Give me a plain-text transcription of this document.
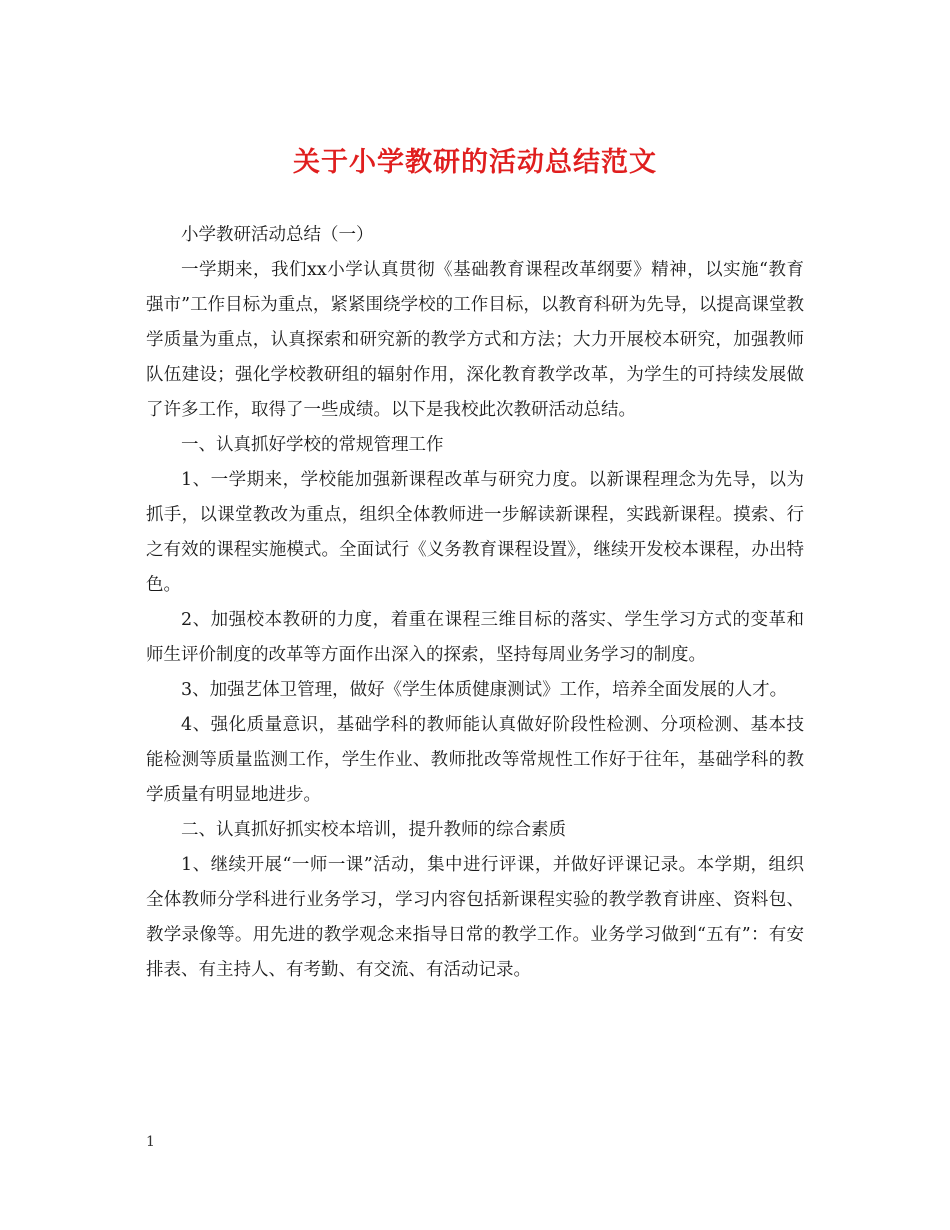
关于小学教研的活动总结范文

小学教研活动总结（一）

一学期来，我们xx小学认真贯彻《基础教育课程改革纲要》精神，以实施“教育强市”工作目标为重点，紧紧围绕学校的工作目标，以教育科研为先导，以提高课堂教学质量为重点，认真探索和研究新的教学方式和方法；大力开展校本研究，加强教师队伍建设；强化学校教研组的辐射作用，深化教育教学改革，为学生的可持续发展做了许多工作，取得了一些成绩。以下是我校此次教研活动总结。

一、认真抓好学校的常规管理工作

1、一学期来，学校能加强新课程改革与研究力度。以新课程理念为先导，以为抓手，以课堂教改为重点，组织全体教师进一步解读新课程，实践新课程。摸索、行之有效的课程实施模式。全面试行《义务教育课程设置》，继续开发校本课程，办出特色。

2、加强校本教研的力度，着重在课程三维目标的落实、学生学习方式的变革和师生评价制度的改革等方面作出深入的探索，坚持每周业务学习的制度。

3、加强艺体卫管理，做好《学生体质健康测试》工作，培养全面发展的人才。

4、强化质量意识，基础学科的教师能认真做好阶段性检测、分项检测、基本技能检测等质量监测工作，学生作业、教师批改等常规性工作好于往年，基础学科的教学质量有明显地进步。

二、认真抓好抓实校本培训，提升教师的综合素质

1、继续开展“一师一课”活动，集中进行评课，并做好评课记录。本学期，组织全体教师分学科进行业务学习，学习内容包括新课程实验的教学教育讲座、资料包、教学录像等。用先进的教学观念来指导日常的教学工作。业务学习做到“五有”：有安排表、有主持人、有考勤、有交流、有活动记录。

1
